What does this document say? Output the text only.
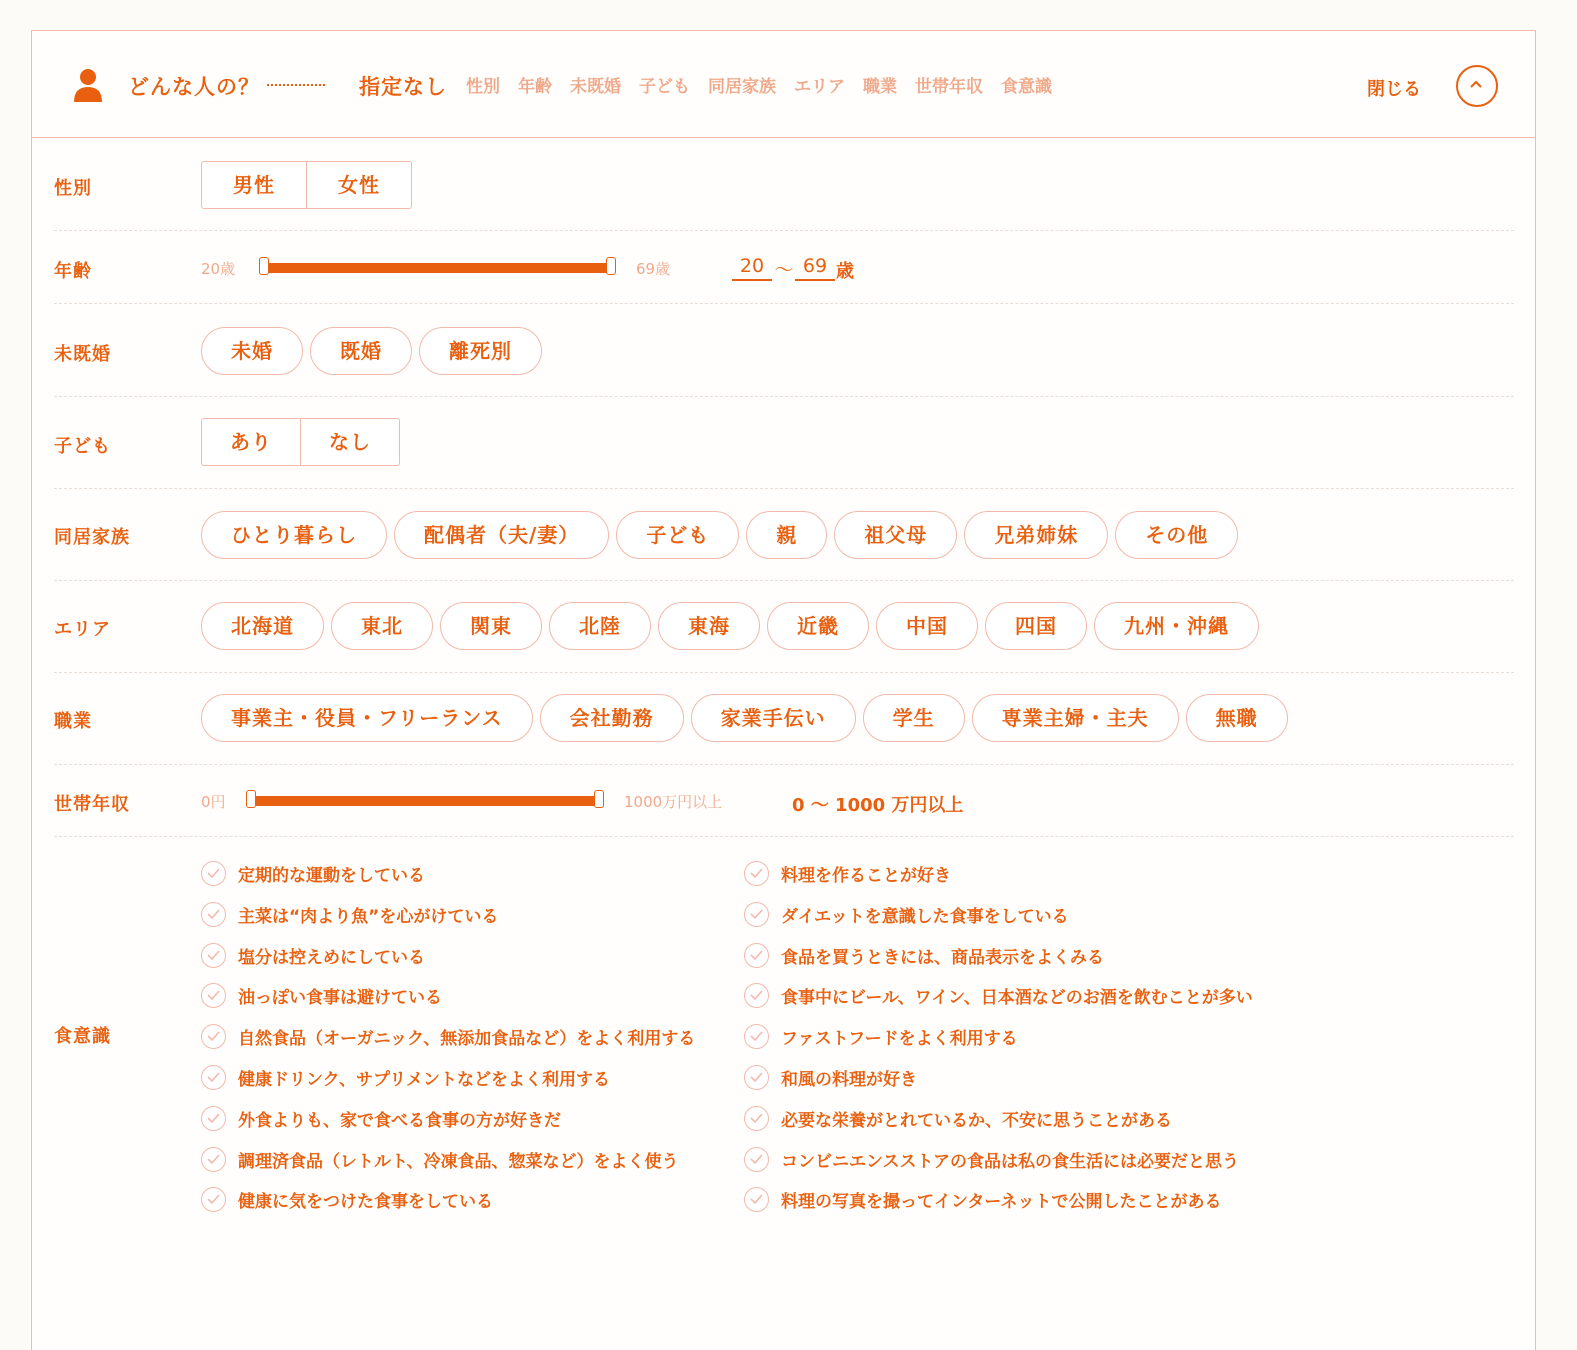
どんな人の？	指定なし 性別 年齢 未既婚 子ども 同居家族 エリア 職業 世帯年収 食意識	閉じる
性別	男性	女性
年齢	20歳	69歳	20 〜 69 歳
未既婚	未婚	既婚	離死別
子ども	あり	なし
同居家族	ひとり暮らし	配偶者（夫/妻）	子ども	親	祖父母	兄弟姉妹	その他
エリア	北海道	東北	関東	北陸	東海	近畿	中国	四国	九州・沖縄
職業	事業主・役員・フリーランス	会社勤務	家業手伝い	学生	専業主婦・主夫	無職
世帯年収	0円	1000万円以上	0 〜 1000 万円以上
食意識
定期的な運動をしている
主菜は“肉より魚”を心がけている
塩分は控えめにしている
油っぽい食事は避けている
自然食品（オーガニック、無添加食品など）をよく利用する
健康ドリンク、サプリメントなどをよく利用する
外食よりも、家で食べる食事の方が好きだ
調理済食品（レトルト、冷凍食品、惣菜など）をよく使う
健康に気をつけた食事をしている
料理を作ることが好き
ダイエットを意識した食事をしている
食品を買うときには、商品表示をよくみる
食事中にビール、ワイン、日本酒などのお酒を飲むことが多い
ファストフードをよく利用する
和風の料理が好き
必要な栄養がとれているか、不安に思うことがある
コンビニエンスストアの食品は私の食生活には必要だと思う
料理の写真を撮ってインターネットで公開したことがある
